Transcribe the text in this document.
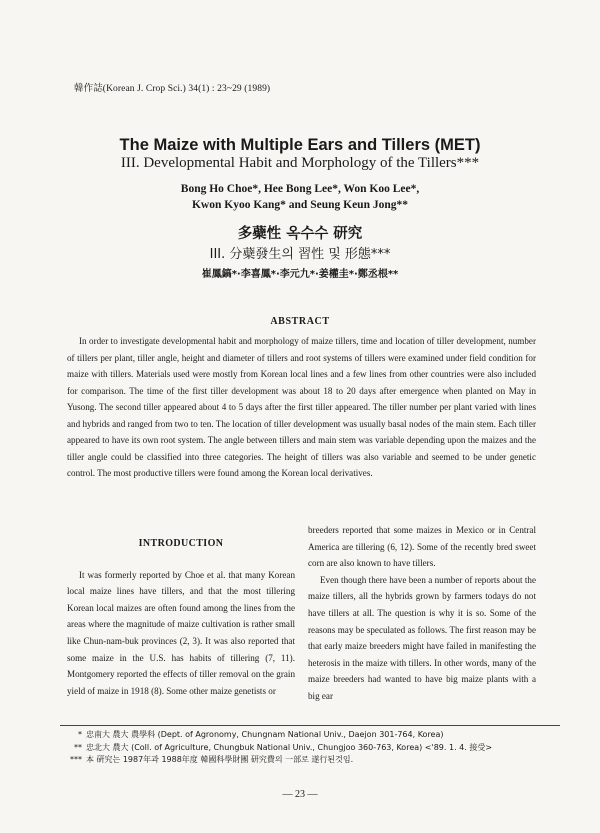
韓作誌(Korean J. Crop Sci.) 34(1) : 23~29 (1989)
The Maize with Multiple Ears and Tillers (MET)
III. Developmental Habit and Morphology of the Tillers***
Bong Ho Choe*, Hee Bong Lee*, Won Koo Lee*,
Kwon Kyoo Kang* and Seung Keun Jong**
多蘗性 옥수수 研究
III. 分蘗發生의 習性 및 形態***
崔鳳鎬*·李喜鳳*·李元九*·姜權圭*·鄭丞根**
ABSTRACT

In order to investigate developmental habit and morphology of maize tillers, time and location of tiller development, number of tillers per plant, tiller angle, height and diameter of tillers and root systems of tillers were examined under field condition for maize with tillers. Materials used were mostly from Korean local lines and a few lines from other countries were also included for comparison. The time of the first tiller development was about 18 to 20 days after emergence when planted on May in Yusong. The second tiller appeared about 4 to 5 days after the first tiller appeared. The tiller number per plant varied with lines and hybrids and ranged from two to ten. The location of tiller development was usually basal nodes of the main stem. Each tiller appeared to have its own root system. The angle between tillers and main stem was variable depending upon the maizes and the tiller angle could be classified into three categories. The height of tillers was also variable and seemed to be under genetic control. The most productive tillers were found among the Korean local derivatives.

INTRODUCTION

It was formerly reported by Choe et al. that many Korean local maize lines have tillers, and that the most tillering Korean local maizes are often found among the lines from the areas where the magnitude of maize cultivation is rather small like Chun-nam-buk provinces (2, 3). It was also reported that some maize in the U.S. has habits of tillering (7, 11). Montgomery reported the effects of tiller removal on the grain yield of maize in 1918 (8). Some other maize genetists or

breeders reported that some maizes in Mexico or in Central America are tillering (6, 12). Some of the recently bred sweet corn are also known to have tillers.

Even though there have been a number of reports about the maize tillers, all the hybrids grown by farmers todays do not have tillers at all. The question is why it is so. Some of the reasons may be speculated as follows. The first reason may be that early maize breeders might have failed in manifesting the heterosis in the maize with tillers. In other words, many of the maize breeders had wanted to have big maize plants with a big ear

* 忠南大 農大 農學科 (Dept. of Agronomy, Chungnam National Univ., Daejon 301-764, Korea)
** 忠北大 農大 (Coll. of Agriculture, Chungbuk National Univ., Chungjoo 360-763, Korea) <'89. 1. 4. 接受>
*** 本 硏究는 1987年과 1988年度 韓國科學財團 研究費의 一部로 遂行된것임.
— 23 —
